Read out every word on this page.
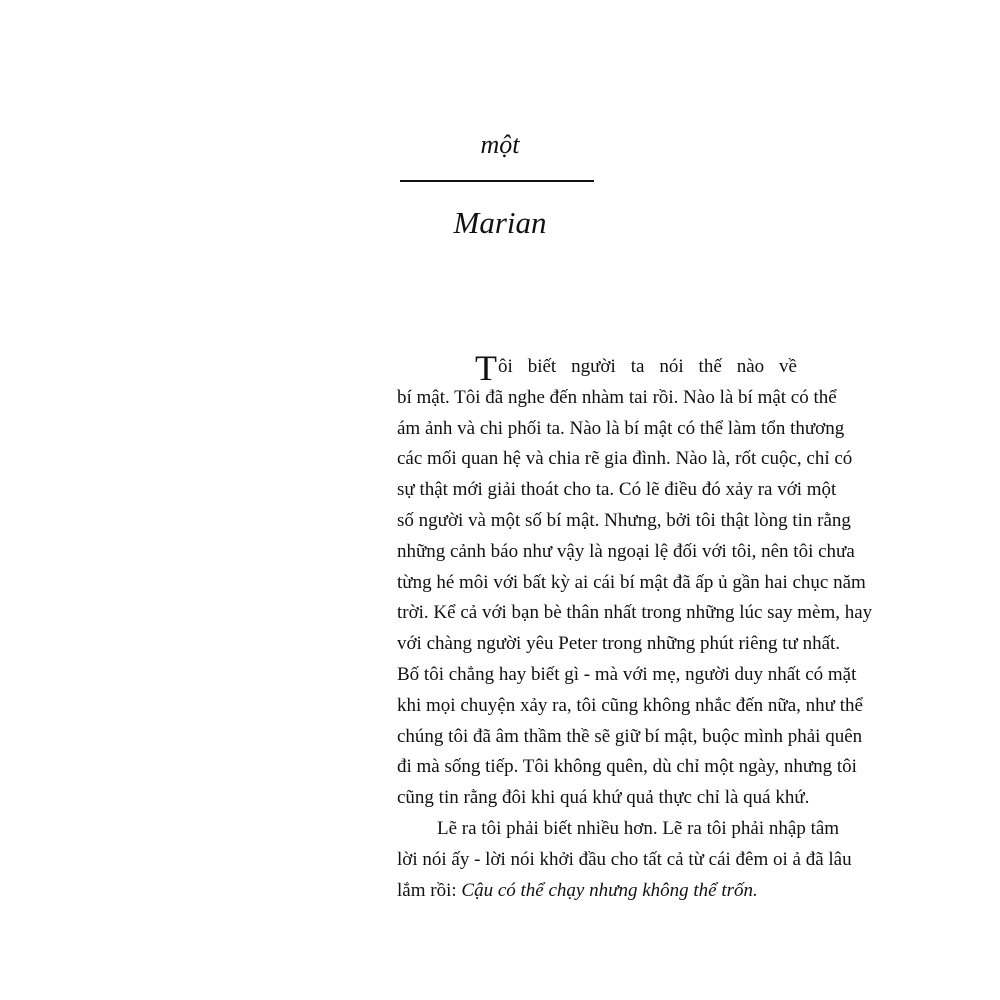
một
Marian

T ôi biết người ta nói thế nào về
bí mật. Tôi đã nghe đến nhàm tai rồi. Nào là bí mật có thể
ám ảnh và chi phối ta. Nào là bí mật có thể làm tổn thương
các mối quan hệ và chia rẽ gia đình. Nào là, rốt cuộc, chỉ có
sự thật mới giải thoát cho ta. Có lẽ điều đó xảy ra với một
số người và một số bí mật. Nhưng, bởi tôi thật lòng tin rằng
những cảnh báo như vậy là ngoại lệ đối với tôi, nên tôi chưa
từng hé môi với bất kỳ ai cái bí mật đã ấp ủ gần hai chục năm
trời. Kể cả với bạn bè thân nhất trong những lúc say mèm, hay
với chàng người yêu Peter trong những phút riêng tư nhất.
Bố tôi chẳng hay biết gì - mà với mẹ, người duy nhất có mặt
khi mọi chuyện xảy ra, tôi cũng không nhắc đến nữa, như thể
chúng tôi đã âm thầm thề sẽ giữ bí mật, buộc mình phải quên
đi mà sống tiếp. Tôi không quên, dù chỉ một ngày, nhưng tôi
cũng tin rằng đôi khi quá khứ quả thực chỉ là quá khứ.

Lẽ ra tôi phải biết nhiều hơn. Lẽ ra tôi phải nhập tâm
lời nói ấy - lời nói khởi đầu cho tất cả từ cái đêm oi ả đã lâu
lắm rồi: Cậu có thể chạy nhưng không thể trốn.
